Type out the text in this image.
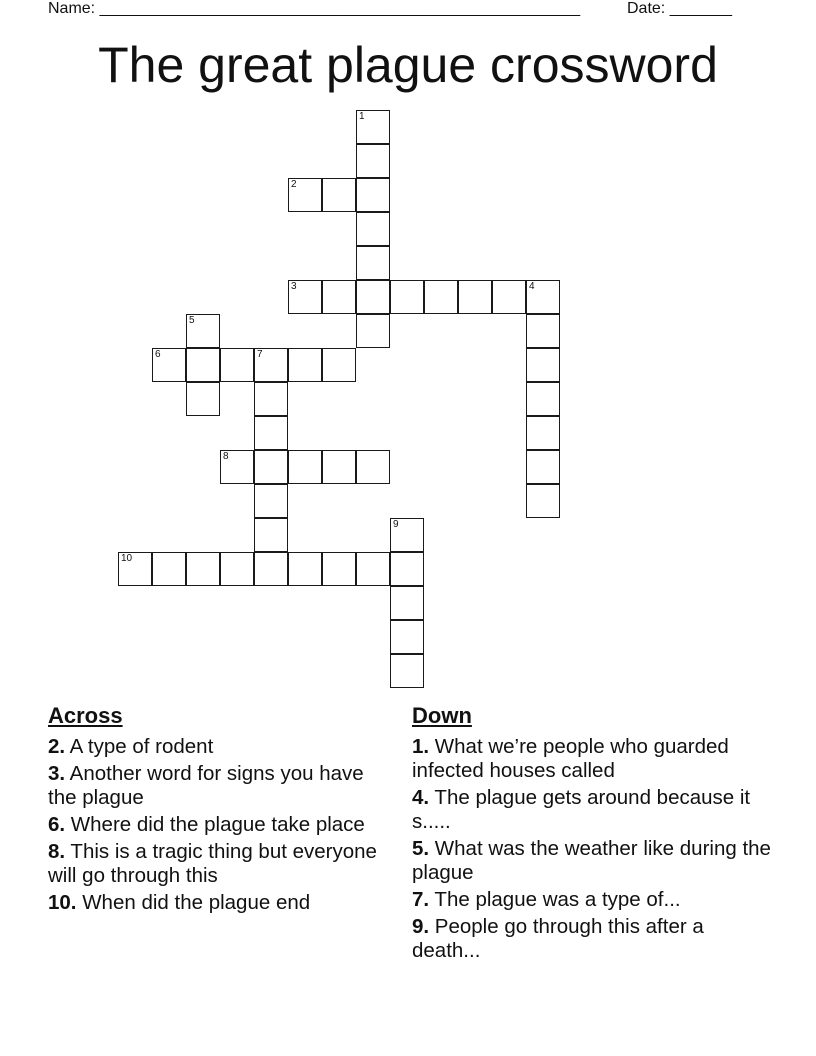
Name: ______________________________________________________

	Date: _______

The great plague crossword
1
2
3	4
5
6	7
8
9
10
Across
2. A type of rodent
3. Another word for signs you have the plague
6. Where did the plague take place
8. This is a tragic thing but everyone will go through this
10. When did the plague end
Down
1. What we’re people who guarded infected houses called
4. The plague gets around because it s.....
5. What was the weather like during the plague
7. The plague was a type of...
9. People go through this after a death...
